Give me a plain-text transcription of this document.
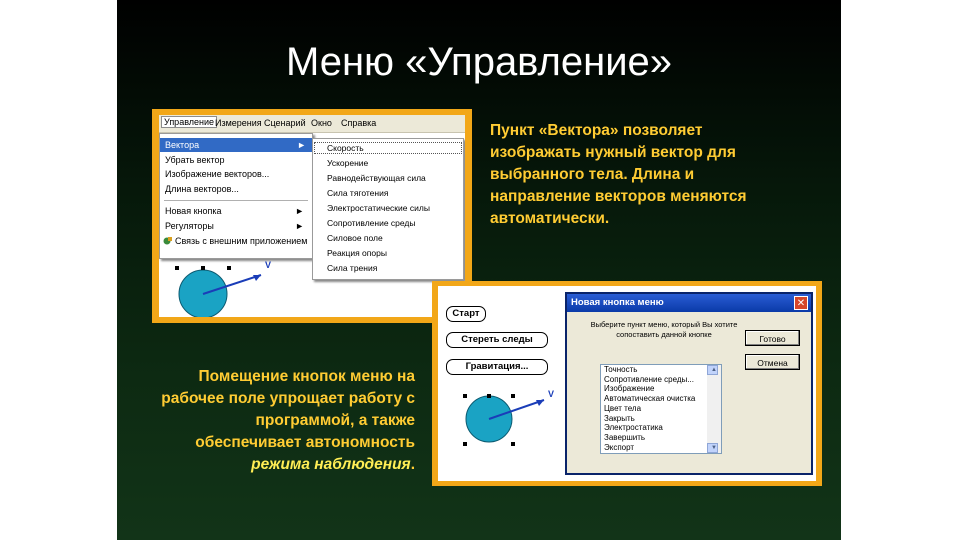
Меню «Управление»
Управление Измерения Сценарий Окно Справка
Вектора	►
Убрать вектор
Изображение векторов...
Длина векторов...
Новая кнопка	►
Регуляторы	►
Связь с внешним приложением
Скорость
Ускорение
Равнодействующая сила
Сила тяготения
Электростатические силы
Сопротивление среды
Силовое поле
Реакция опоры
Сила трения
V
Пункт «Вектора» позволяет изображать нужный вектор для выбранного тела. Длина и направление векторов меняются автоматически.
Старт
Стереть следы
Гравитация...
V
Новая кнопка меню	✕
Выберите пункт меню, который Вы хотите сопоставить данной кнопке	Готово
Отмена
Точность
Сопротивление среды...
Изображение
Автоматическая очистка
Цвет тела
Закрыть
Электростатика
Завершить
Экспорт
▲
▼
Помещение кнопок меню на рабочее поле упрощает работу с программой, а также обеспечивает автономность режима наблюдения.
